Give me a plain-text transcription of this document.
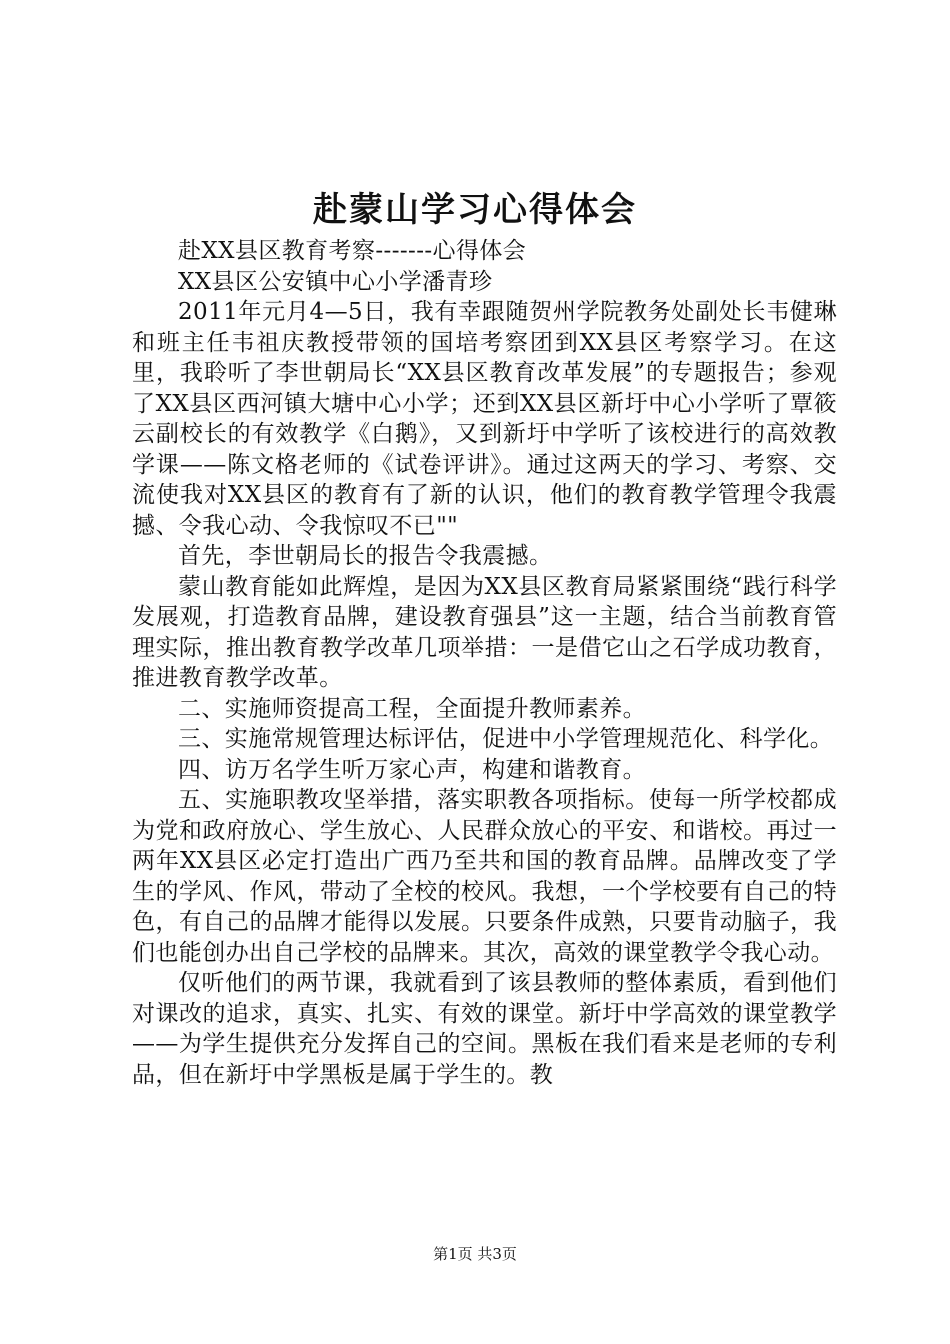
赴蒙山学习心得体会

赴XX县区教育考察-------心得体会

XX县区公安镇中心小学潘青珍

2011年元月4—5日，我有幸跟随贺州学院教务处副处长韦健琳和班主任韦祖庆教授带领的国培考察团到XX县区考察学习。在这里，我聆听了李世朝局长“XX县区教育改革发展”的专题报告；参观了XX县区西河镇大塘中心小学；还到XX县区新圩中心小学听了覃筱云副校长的有效教学《白鹅》，又到新圩中学听了该校进行的高效教学课——陈文格老师的《试卷评讲》。通过这两天的学习、考察、交流使我对XX县区的教育有了新的认识，他们的教育教学管理令我震撼、令我心动、令我惊叹不已""

首先，李世朝局长的报告令我震撼。

蒙山教育能如此辉煌，是因为XX县区教育局紧紧围绕“践行科学发展观，打造教育品牌，建设教育强县”这一主题，结合当前教育管理实际，推出教育教学改革几项举措：一是借它山之石学成功教育，推进教育教学改革。

二、实施师资提高工程，全面提升教师素养。

三、实施常规管理达标评估，促进中小学管理规范化、科学化。

四、访万名学生听万家心声，构建和谐教育。

五、实施职教攻坚举措，落实职教各项指标。使每一所学校都成为党和政府放心、学生放心、人民群众放心的平安、和谐校。再过一两年XX县区必定打造出广西乃至共和国的教育品牌。品牌改变了学生的学风、作风，带动了全校的校风。我想，一个学校要有自己的特色，有自己的品牌才能得以发展。只要条件成熟，只要肯动脑子，我们也能创办出自己学校的品牌来。其次，高效的课堂教学令我心动。

仅听他们的两节课，我就看到了该县教师的整体素质，看到他们对课改的追求，真实、扎实、有效的课堂。新圩中学高效的课堂教学——为学生提供充分发挥自己的空间。黑板在我们看来是老师的专利品，但在新圩中学黑板是属于学生的。教

第1页 共3页
